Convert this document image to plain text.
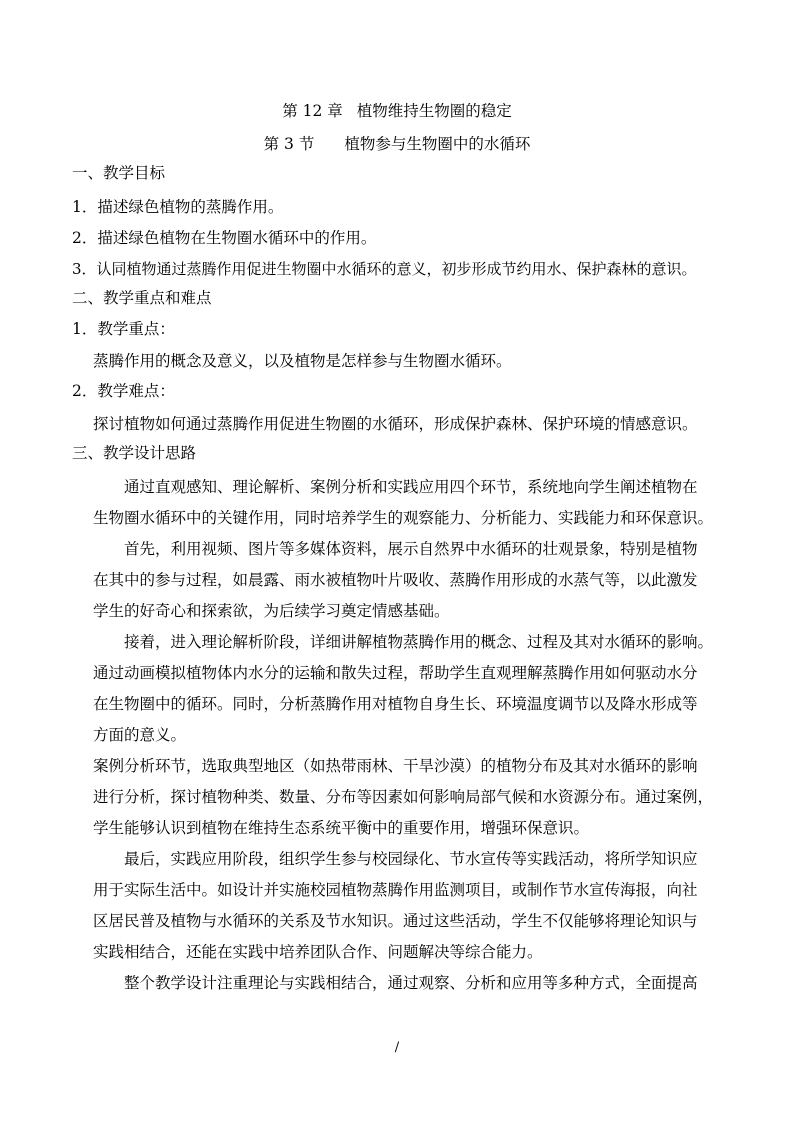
第 12 章 植物维持生物圈的稳定
第 3 节 植物参与生物圈中的水循环
一、教学目标
1．描述绿色植物的蒸腾作用。
2．描述绿色植物在生物圈水循环中的作用。
3．认同植物通过蒸腾作用促进生物圈中水循环的意义，初步形成节约用水、保护森林的意识。
二、教学重点和难点
1．教学重点：
蒸腾作用的概念及意义，以及植物是怎样参与生物圈水循环。
2．教学难点：
探讨植物如何通过蒸腾作用促进生物圈的水循环，形成保护森林、保护环境的情感意识。
三、教学设计思路
通过直观感知、理论解析、案例分析和实践应用四个环节，系统地向学生阐述植物在
生物圈水循环中的关键作用，同时培养学生的观察能力、分析能力、实践能力和环保意识。
首先，利用视频、图片等多媒体资料，展示自然界中水循环的壮观景象，特别是植物
在其中的参与过程，如晨露、雨水被植物叶片吸收、蒸腾作用形成的水蒸气等，以此激发
学生的好奇心和探索欲，为后续学习奠定情感基础。
接着，进入理论解析阶段，详细讲解植物蒸腾作用的概念、过程及其对水循环的影响。
通过动画模拟植物体内水分的运输和散失过程，帮助学生直观理解蒸腾作用如何驱动水分
在生物圈中的循环。同时，分析蒸腾作用对植物自身生长、环境温度调节以及降水形成等
方面的意义。
案例分析环节，选取典型地区（如热带雨林、干旱沙漠）的植物分布及其对水循环的影响
进行分析，探讨植物种类、数量、分布等因素如何影响局部气候和水资源分布。通过案例，
学生能够认识到植物在维持生态系统平衡中的重要作用，增强环保意识。
最后，实践应用阶段，组织学生参与校园绿化、节水宣传等实践活动，将所学知识应
用于实际生活中。如设计并实施校园植物蒸腾作用监测项目，或制作节水宣传海报，向社
区居民普及植物与水循环的关系及节水知识。通过这些活动，学生不仅能够将理论知识与
实践相结合，还能在实践中培养团队合作、问题解决等综合能力。
整个教学设计注重理论与实践相结合，通过观察、分析和应用等多种方式，全面提高
/
